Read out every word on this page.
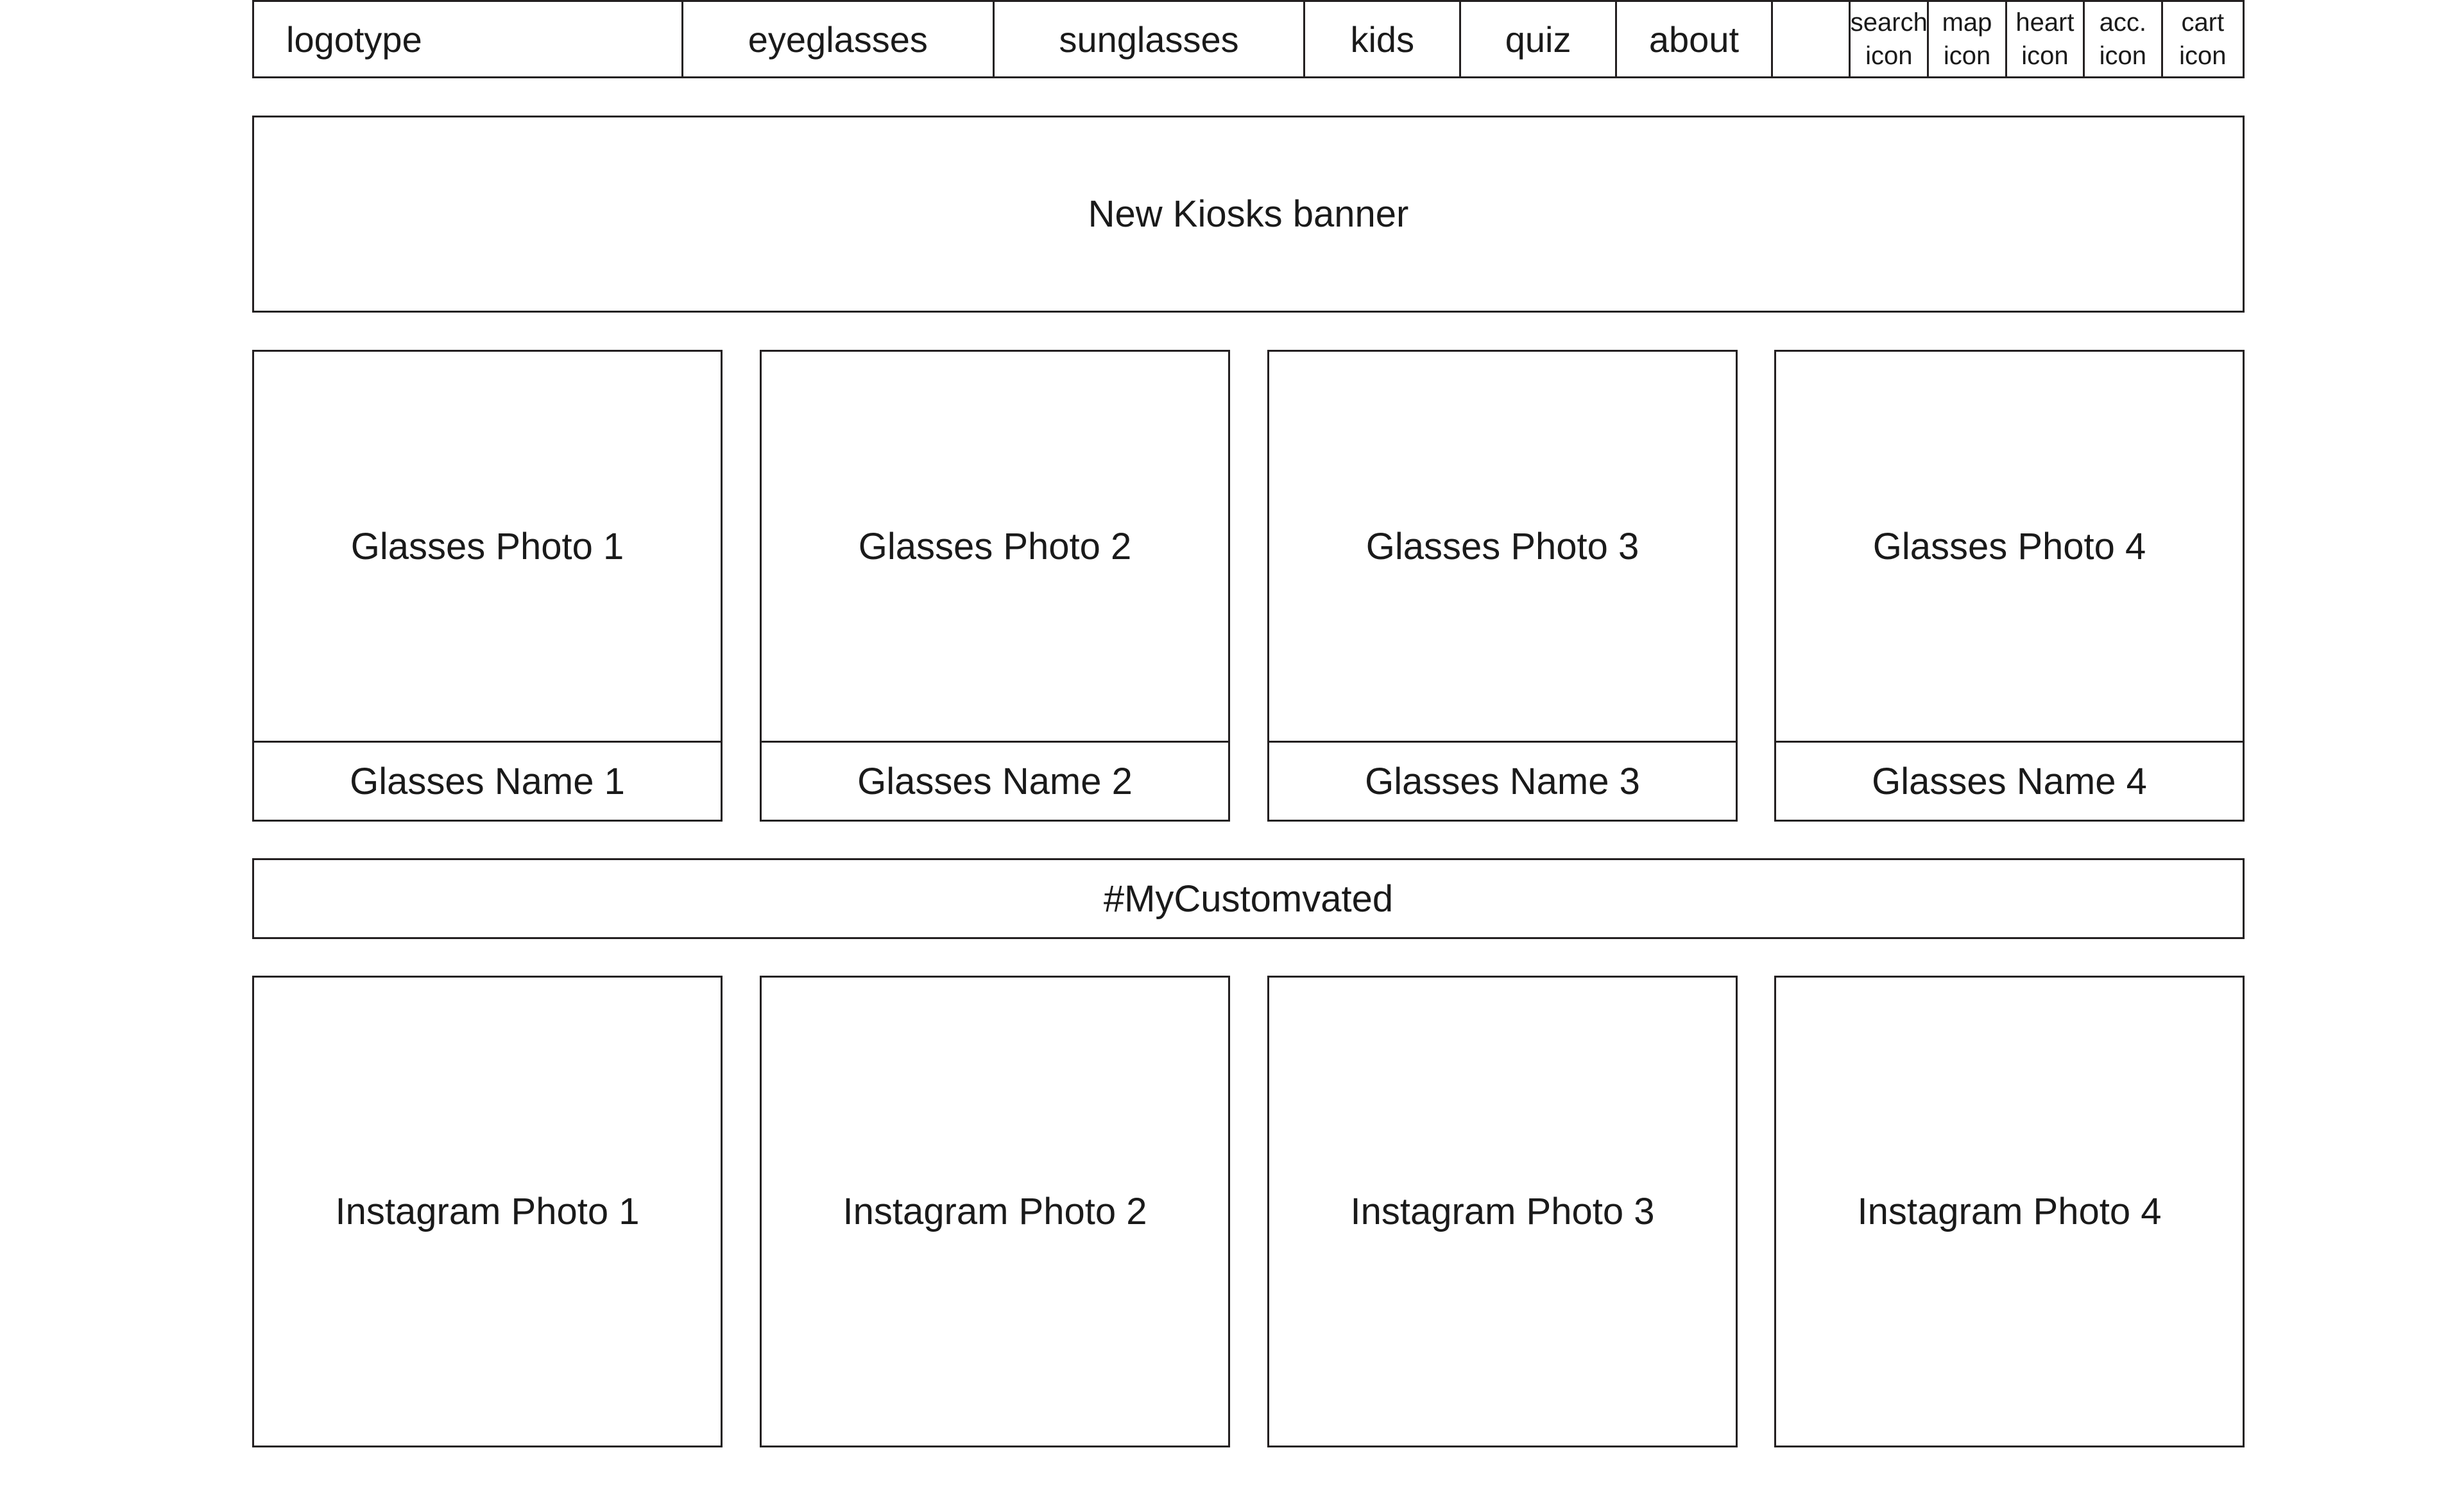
logotype	eyeglasses	sunglasses	kids	quiz about	search
icon
map
icon
heart
icon
acc.
icon
cart
icon
New Kiosks banner
Glasses Photo 1
Glasses Name 1
Glasses Photo 2
Glasses Name 2
Glasses Photo 3
Glasses Name 3
Glasses Photo 4
Glasses Name 4
#MyCustomvated
Instagram Photo 1	Instagram Photo 2	Instagram Photo 3	Instagram Photo 4
